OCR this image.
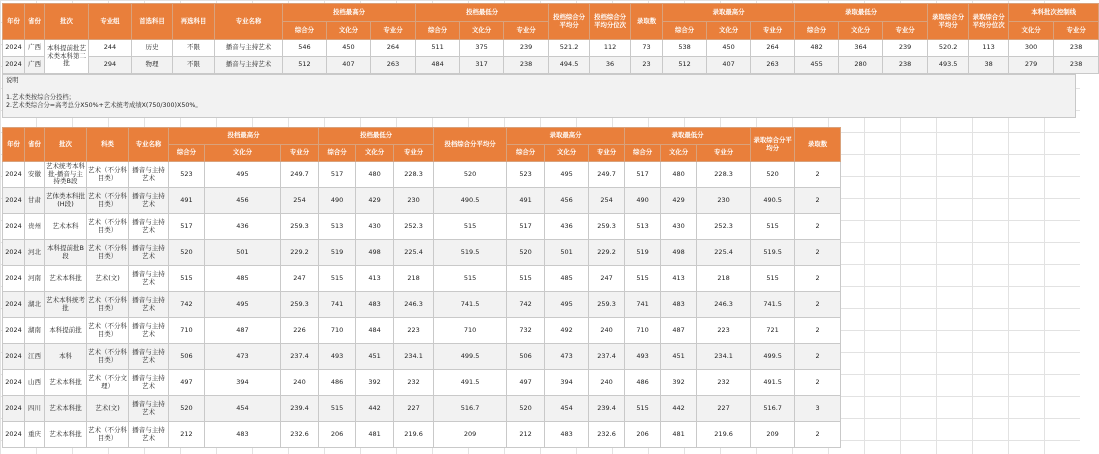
年份	省份	批次	专业组	首选科目	再选科目	专业名称	投档最高分			投档最低分			投档综合分平均分	投档综合分平均分位次	录取数	录取最高分			录取最低分			录取综合分平均分	录取综合分平均分位次	本科批次控制线	
							综合分	文化分	专业分	综合分	文化分	专业分				综合分	文化分	专业分	综合分	文化分	专业分			文化分	专业分
2024	广西	本科提前批艺术类本科第二批	244	历史	不限	播音与主持艺术	546	450	264	511	375	239	521.2	112	73	538	450	264	482	364	239	520.2	113	300	238
2024	广西		294	物理	不限	播音与主持艺术	512	407	263	484	317	238	494.5	36	23	512	407	263	455	280	238	493.5	38	279	238
说明
1.艺术类按综合分投档；
2.艺术类综合分=高考总分X50%+艺术统考成绩X(750/300)X50%。
年份	省份	批次	科类	专业名称	投档最高分			投档最低分			投档综合分平均分	录取最高分			录取最低分			录取综合分平均分	录取数
					综合分	文化分	专业分	综合分	文化分	专业分		综合分	文化分	专业分	综合分	文化分	专业分		
2024	安徽	艺术统考本科批-播音与主持类B段	艺术（不分科目类）	播音与主持艺术	523	495	249.7	517	480	228.3	520	523	495	249.7	517	480	228.3	520	2
2024	甘肃	艺体类本科批(H段)	艺术（不分科目类）	播音与主持艺术	491	456	254	490	429	230	490.5	491	456	254	490	429	230	490.5	2
2024	贵州	艺术本科	艺术（不分科目类）	播音与主持艺术	517	436	259.3	513	430	252.3	515	517	436	259.3	513	430	252.3	515	2
2024	河北	本科提前批B段	艺术（不分科目类）	播音与主持艺术	520	501	229.2	519	498	225.4	519.5	520	501	229.2	519	498	225.4	519.5	2
2024	河南	艺术本科批	艺术(文)	播音与主持艺术	515	485	247	515	413	218	515	515	485	247	515	413	218	515	2
2024	湖北	艺术本科统考批	艺术（不分科目类）	播音与主持艺术	742	495	259.3	741	483	246.3	741.5	742	495	259.3	741	483	246.3	741.5	2
2024	湖南	本科提前批	艺术（不分科目类）	播音与主持艺术	710	487	226	710	484	223	710	732	492	240	710	487	223	721	2
2024	江西	本科	艺术（不分科目类）	播音与主持艺术	506	473	237.4	493	451	234.1	499.5	506	473	237.4	493	451	234.1	499.5	2
2024	山西	艺术本科批	艺术（不分文理）	播音与主持艺术	497	394	240	486	392	232	491.5	497	394	240	486	392	232	491.5	2
2024	四川	艺术本科批	艺术(文)	播音与主持艺术	520	454	239.4	515	442	227	516.7	520	454	239.4	515	442	227	516.7	3
2024	重庆	艺术本科批	艺术（不分科目类）	播音与主持艺术	212	483	232.6	206	481	219.6	209	212	483	232.6	206	481	219.6	209	2
